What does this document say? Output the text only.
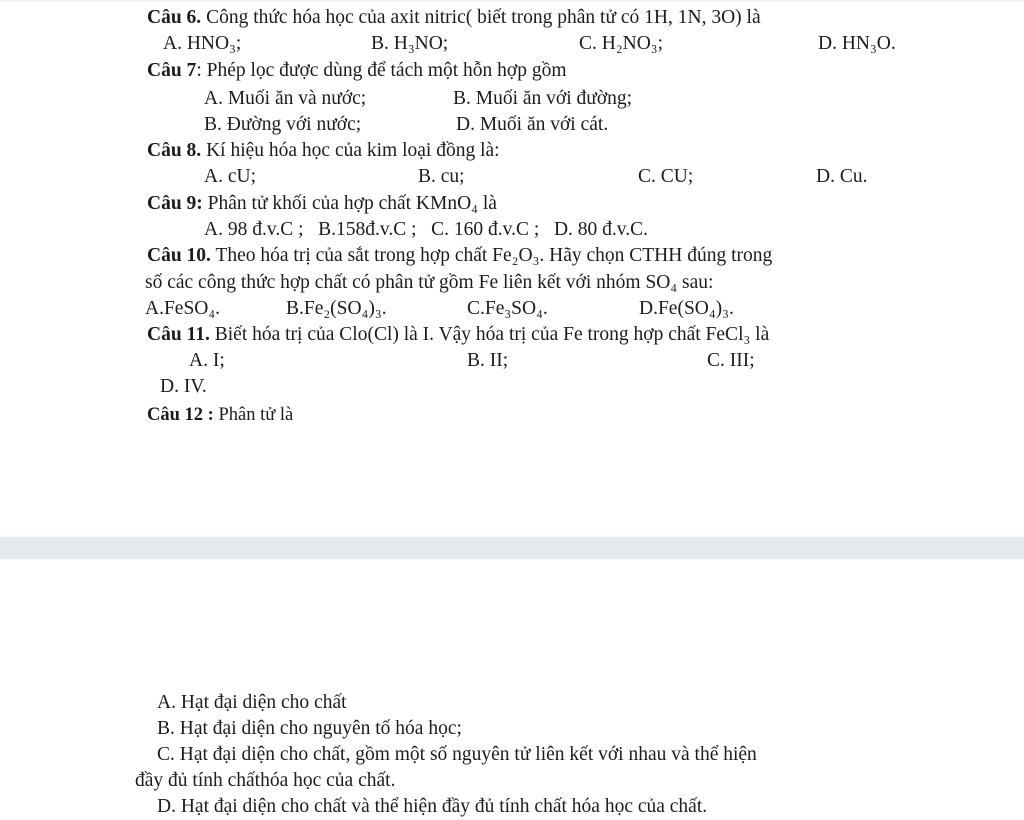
Câu 6. Công thức hóa học của axit nitric( biết trong phân tử có 1H, 1N, 3O) là
A. HNO₃;	B. H₃NO;	C. H₂NO₃;	D. HN₃O.
Câu 7: Phép lọc được dùng để tách một hỗn hợp gồm
A. Muối ăn và nước;	B. Muối ăn với đường;
B. Đường với nước;	D. Muối ăn với cát.
Câu 8. Kí hiệu hóa học của kim loại đồng là:
A. cU;	B. cu;	C. CU;	D. Cu.
Câu 9: Phân tử khối của hợp chất KMnO₄ là
A. 98 đ.v.C ;   B.158đ.v.C ;   C. 160 đ.v.C ;   D. 80 đ.v.C.
Câu 10. Theo hóa trị của sắt trong hợp chất Fe₂O₃. Hãy chọn CTHH đúng trong
số các công thức hợp chất có phân tử gồm Fe liên kết với nhóm SO₄ sau:
A.FeSO₄.	B.Fe₂(SO₄)₃.	C.Fe₃SO₄.	D.Fe(SO₄)₃.
Câu 11. Biết hóa trị của Clo(Cl) là I. Vậy hóa trị của Fe trong hợp chất FeCl₃ là
A. I;	B. II;	C. III;
D. IV.
Câu 12 : Phân tử là
A. Hạt đại diện cho chất
B. Hạt đại diện cho nguyên tố hóa học;
C. Hạt đại diện cho chất, gồm một số nguyên tử liên kết với nhau và thể hiện
đầy đủ tính chấthóa học của chất.
D. Hạt đại diện cho chất và thể hiện đầy đủ tính chất hóa học của chất.
